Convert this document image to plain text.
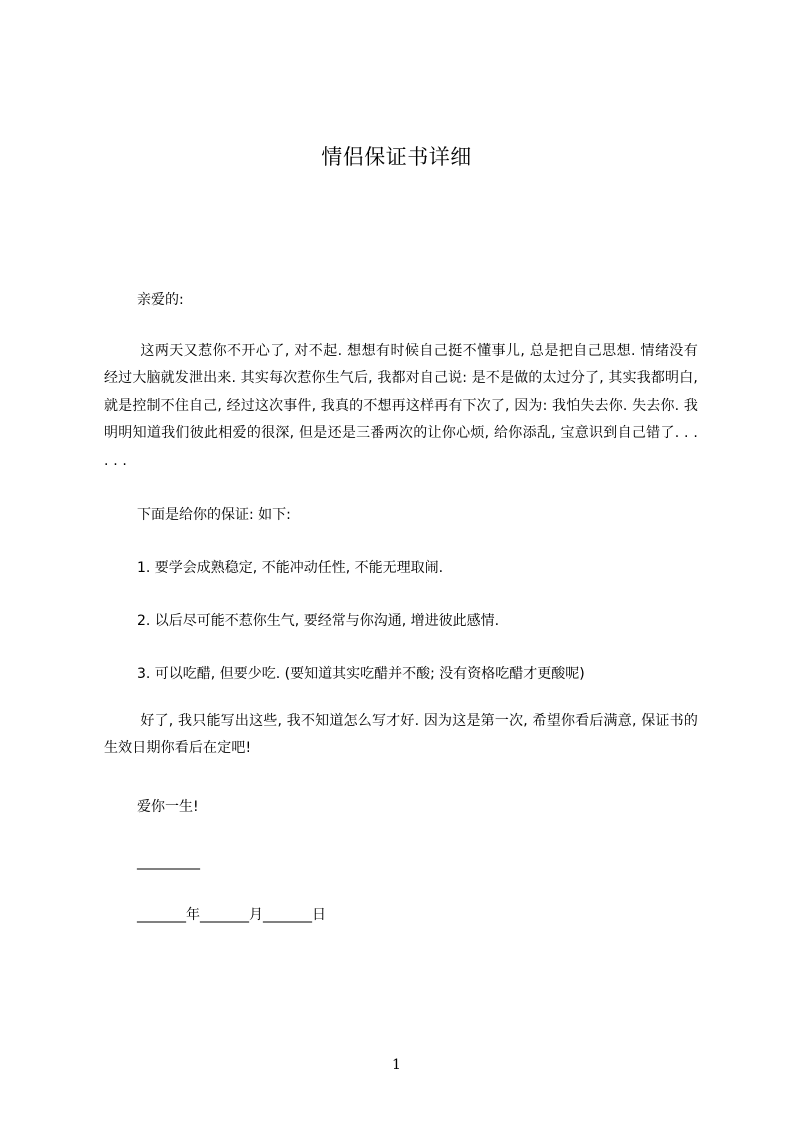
情侣保证书详细
亲爱的:
这两天又惹你不开心了, 对不起. 想想有时候自己挺不懂事儿, 总是把自己思想. 情绪没有经过大脑就发泄出来. 其实每次惹你生气后, 我都对自己说: 是不是做的太过分了, 其实我都明白, 就是控制不住自己, 经过这次事件, 我真的不想再这样再有下次了, 因为: 我怕失去你. 失去你. 我明明知道我们彼此相爱的很深, 但是还是三番两次的让你心烦, 给你添乱, 宝意识到自己错了. . . . . .
下面是给你的保证: 如下:
1. 要学会成熟稳定, 不能冲动任性, 不能无理取闹.
2. 以后尽可能不惹你生气, 要经常与你沟通, 增进彼此感情.
3. 可以吃醋, 但要少吃. (要知道其实吃醋并不酸; 没有资格吃醋才更酸呢)
好了, 我只能写出这些, 我不知道怎么写才好. 因为这是第一次, 希望你看后满意, 保证书的生效日期你看后在定吧!
爱你一生!
_________
_______年_______月_______日
1
